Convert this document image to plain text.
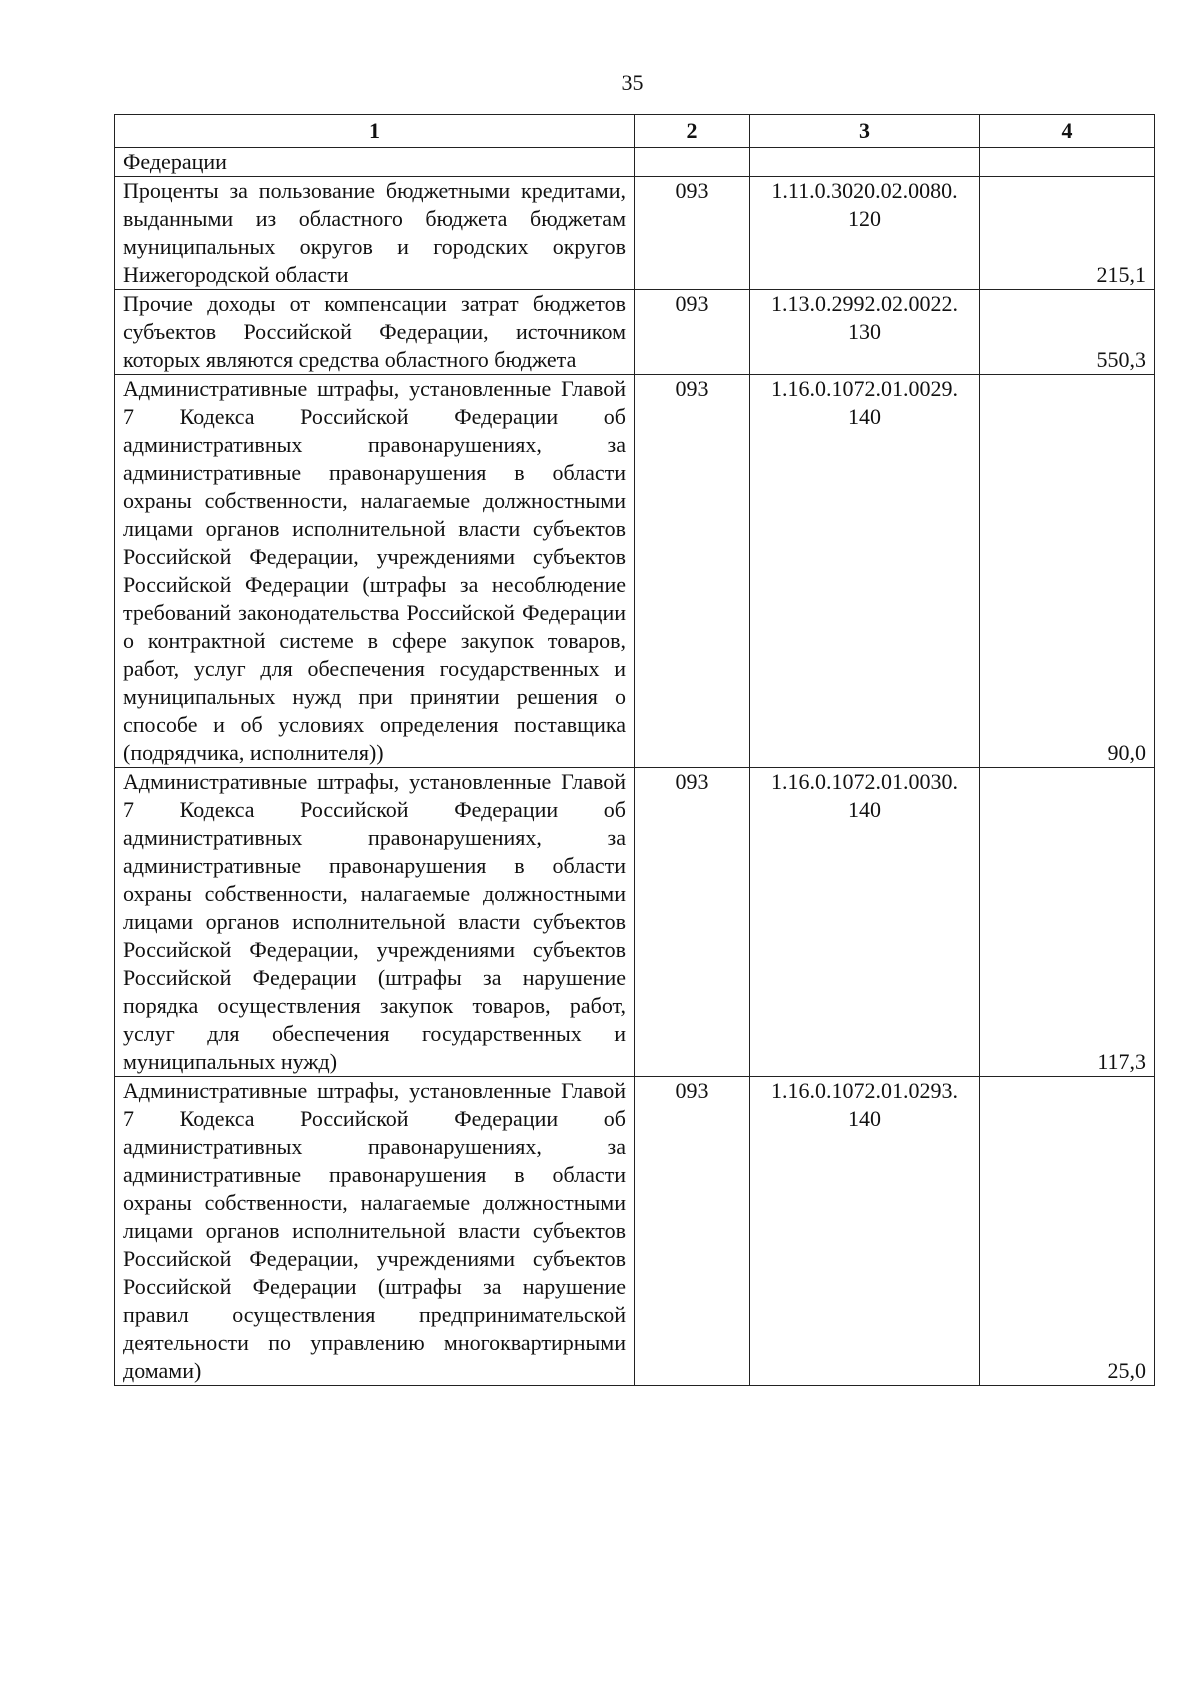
35
1	2	3	4
Федерации			
Проценты за пользование бюджетными кредитами, выданными из областного бюджета бюджетам муниципальных округов и городских округов Нижегородской области	093	1.11.0.3020.02.0080. 120	215,1
Прочие доходы от компенсации затрат бюджетов субъектов Российской Федерации, источником которых являются средства областного бюджета	093	1.13.0.2992.02.0022. 130	550,3
Административные штрафы, установленные Главой 7 Кодекса Российской Федерации об административных правонарушениях, за административные правонарушения в области охраны собственности, налагаемые должностными лицами органов исполнительной власти субъектов Российской Федерации, учреждениями субъектов Российской Федерации (штрафы за несоблюдение требований законодательства Российской Федерации о контрактной системе в сфере закупок товаров, работ, услуг для обеспечения государственных и муниципальных нужд при принятии решения о способе и об условиях определения поставщика (подрядчика, исполнителя))	093	1.16.0.1072.01.0029. 140	90,0
Административные штрафы, установленные Главой 7 Кодекса Российской Федерации об административных правонарушениях, за административные правонарушения в области охраны собственности, налагаемые должностными лицами органов исполнительной власти субъектов Российской Федерации, учреждениями субъектов Российской Федерации (штрафы за нарушение порядка осуществления закупок товаров, работ, услуг для обеспечения государственных и муниципальных нужд)	093	1.16.0.1072.01.0030. 140	117,3
Административные штрафы, установленные Главой 7 Кодекса Российской Федерации об административных правонарушениях, за административные правонарушения в области охраны собственности, налагаемые должностными лицами органов исполнительной власти субъектов Российской Федерации, учреждениями субъектов Российской Федерации (штрафы за нарушение правил осуществления предпринимательской деятельности по управлению многоквартирными домами)	093	1.16.0.1072.01.0293. 140	25,0
